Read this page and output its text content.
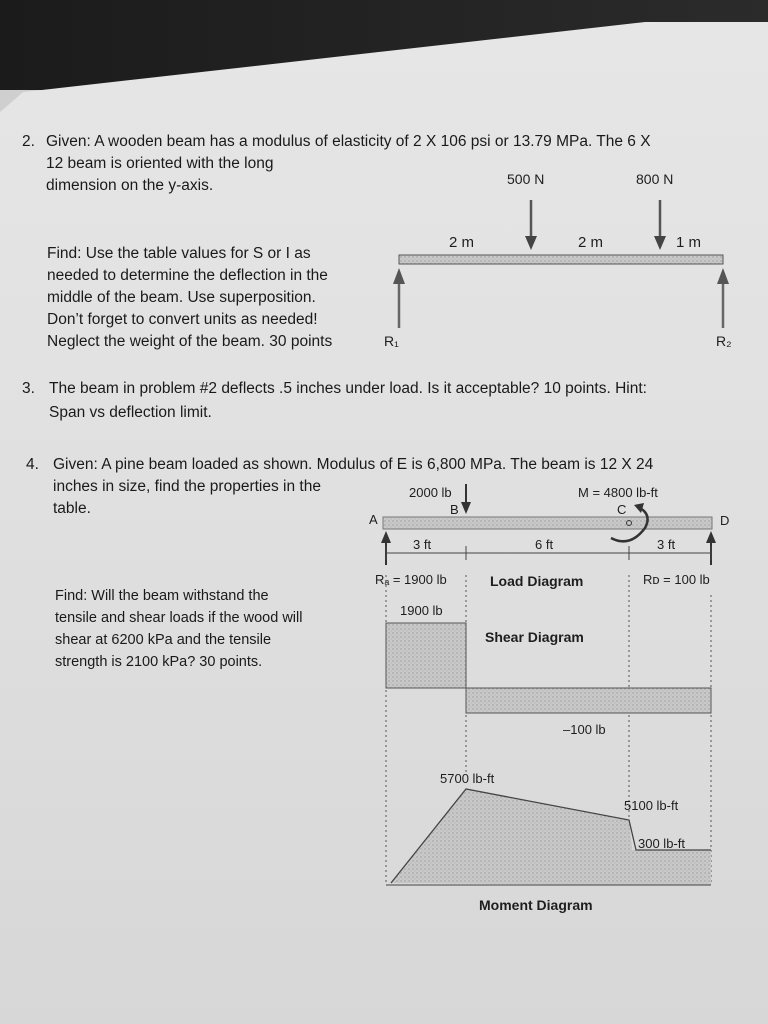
2. Given: A wooden beam has a modulus of elasticity of 2 X 106 psi or 13.79 MPa. The 6 X
12 beam is oriented with the long
dimension on the y-axis.
Find: Use the table values for S or I as
needed to determine the deflection in the
middle of the beam. Use superposition.
Don’t forget to convert units as needed!
Neglect the weight of the beam. 30 points
3. The beam in problem #2 deflects .5 inches under load. Is it acceptable? 10 points. Hint:
Span vs deflection limit.
4. Given: A pine beam loaded as shown. Modulus of E is 6,800 MPa. The beam is 12 X 24
inches in size, find the properties in the
table.
Find: Will the beam withstand the
tensile and shear loads if the wood will
shear at 6200 kPa and the tensile
strength is 2100 kPa? 30 points.
500 N	800 N
2 m	2 m	1 m
R₁	R₂
2000 lb	M = 4800 lb-ft
A
B	C
D
3 ft	6 ft	3 ft
Rₐ = 1900 lb	Rᴅ = 100 lb
Load Diagram
1900 lb
–100 lb
Shear Diagram
5700 lb-ft
5100 lb-ft
300 lb-ft
Moment Diagram
